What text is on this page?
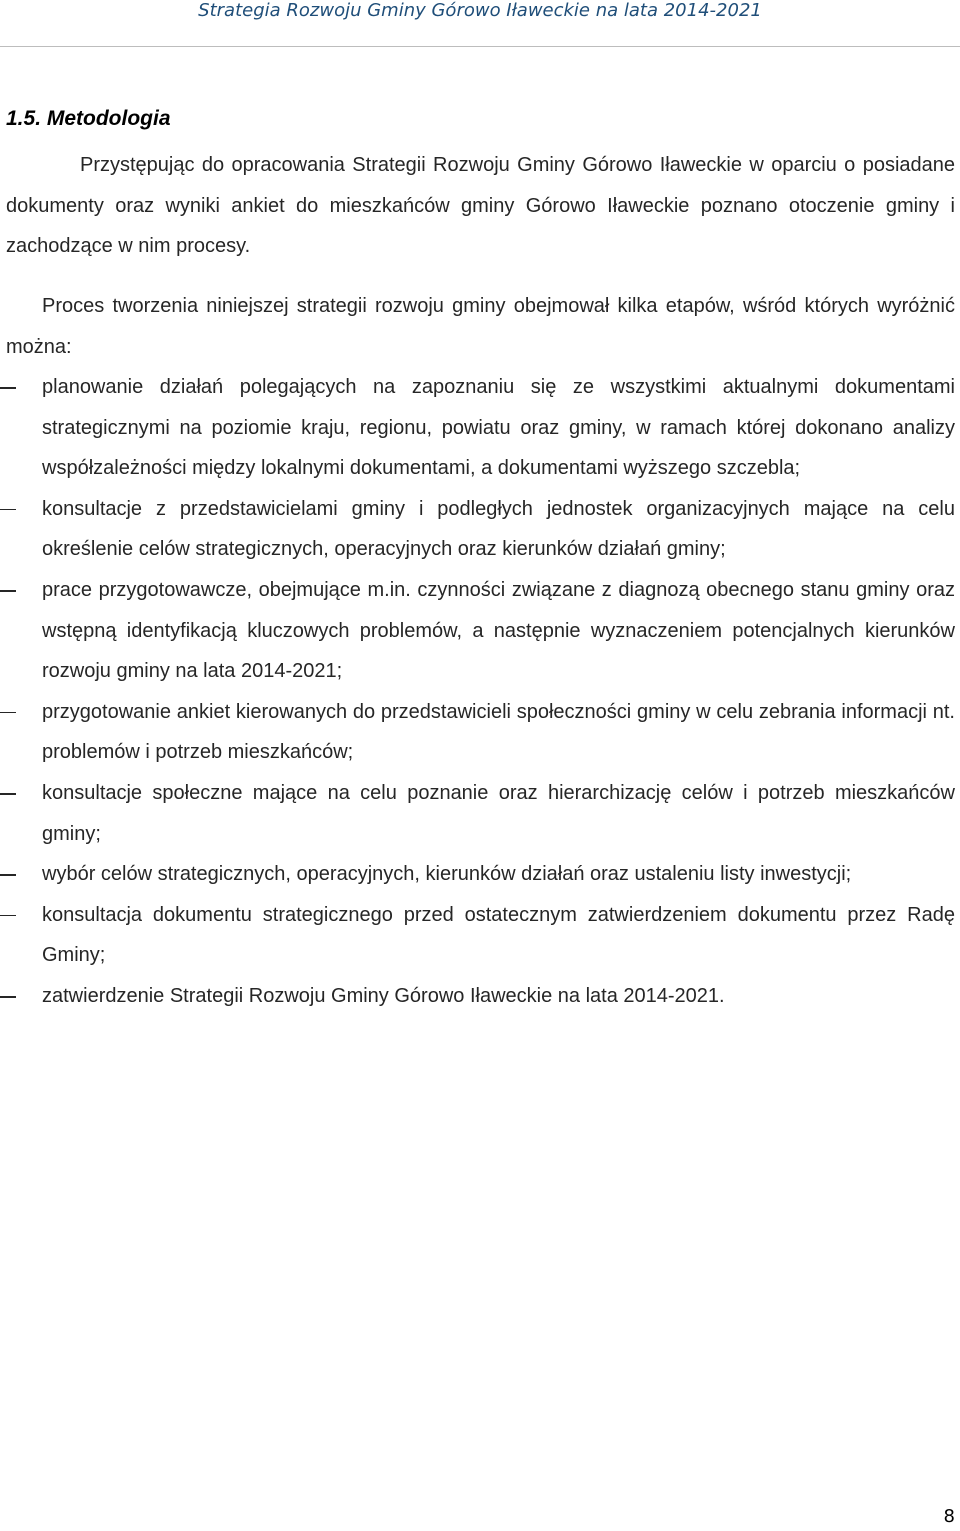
Strategia Rozwoju Gminy Górowo Iławeckie na lata 2014-2021
1.5. Metodologia

Przystępując do opracowania Strategii Rozwoju Gminy Górowo Iławeckie w oparciu o posiadane dokumenty oraz wyniki ankiet do mieszkańców gminy Górowo Iławeckie poznano otoczenie gminy i zachodzące w nim procesy.

Proces tworzenia niniejszej strategii rozwoju gminy obejmował kilka etapów, wśród których wyróżnić można:

planowanie działań polegających na zapoznaniu się ze wszystkimi aktualnymi dokumentami strategicznymi na poziomie kraju, regionu, powiatu oraz gminy, w ramach której dokonano analizy współzależności między lokalnymi dokumentami, a dokumentami wyższego szczebla;
konsultacje z przedstawicielami gminy i podległych jednostek organizacyjnych mające na celu określenie celów strategicznych, operacyjnych oraz kierunków działań gminy;
prace przygotowawcze, obejmujące m.in. czynności związane z diagnozą obecnego stanu gminy oraz wstępną identyfikacją kluczowych problemów, a następnie wyznaczeniem potencjalnych kierunków rozwoju gminy na lata 2014-2021;
przygotowanie ankiet kierowanych do przedstawicieli społeczności gminy w celu zebrania informacji nt. problemów i potrzeb mieszkańców;
konsultacje społeczne mające na celu poznanie oraz hierarchizację celów i potrzeb mieszkańców gminy;
wybór celów strategicznych, operacyjnych, kierunków działań oraz ustaleniu listy inwestycji;
konsultacja dokumentu strategicznego przed ostatecznym zatwierdzeniem dokumentu przez Radę Gminy;
zatwierdzenie Strategii Rozwoju Gminy Górowo Iławeckie na lata 2014-2021.
8
